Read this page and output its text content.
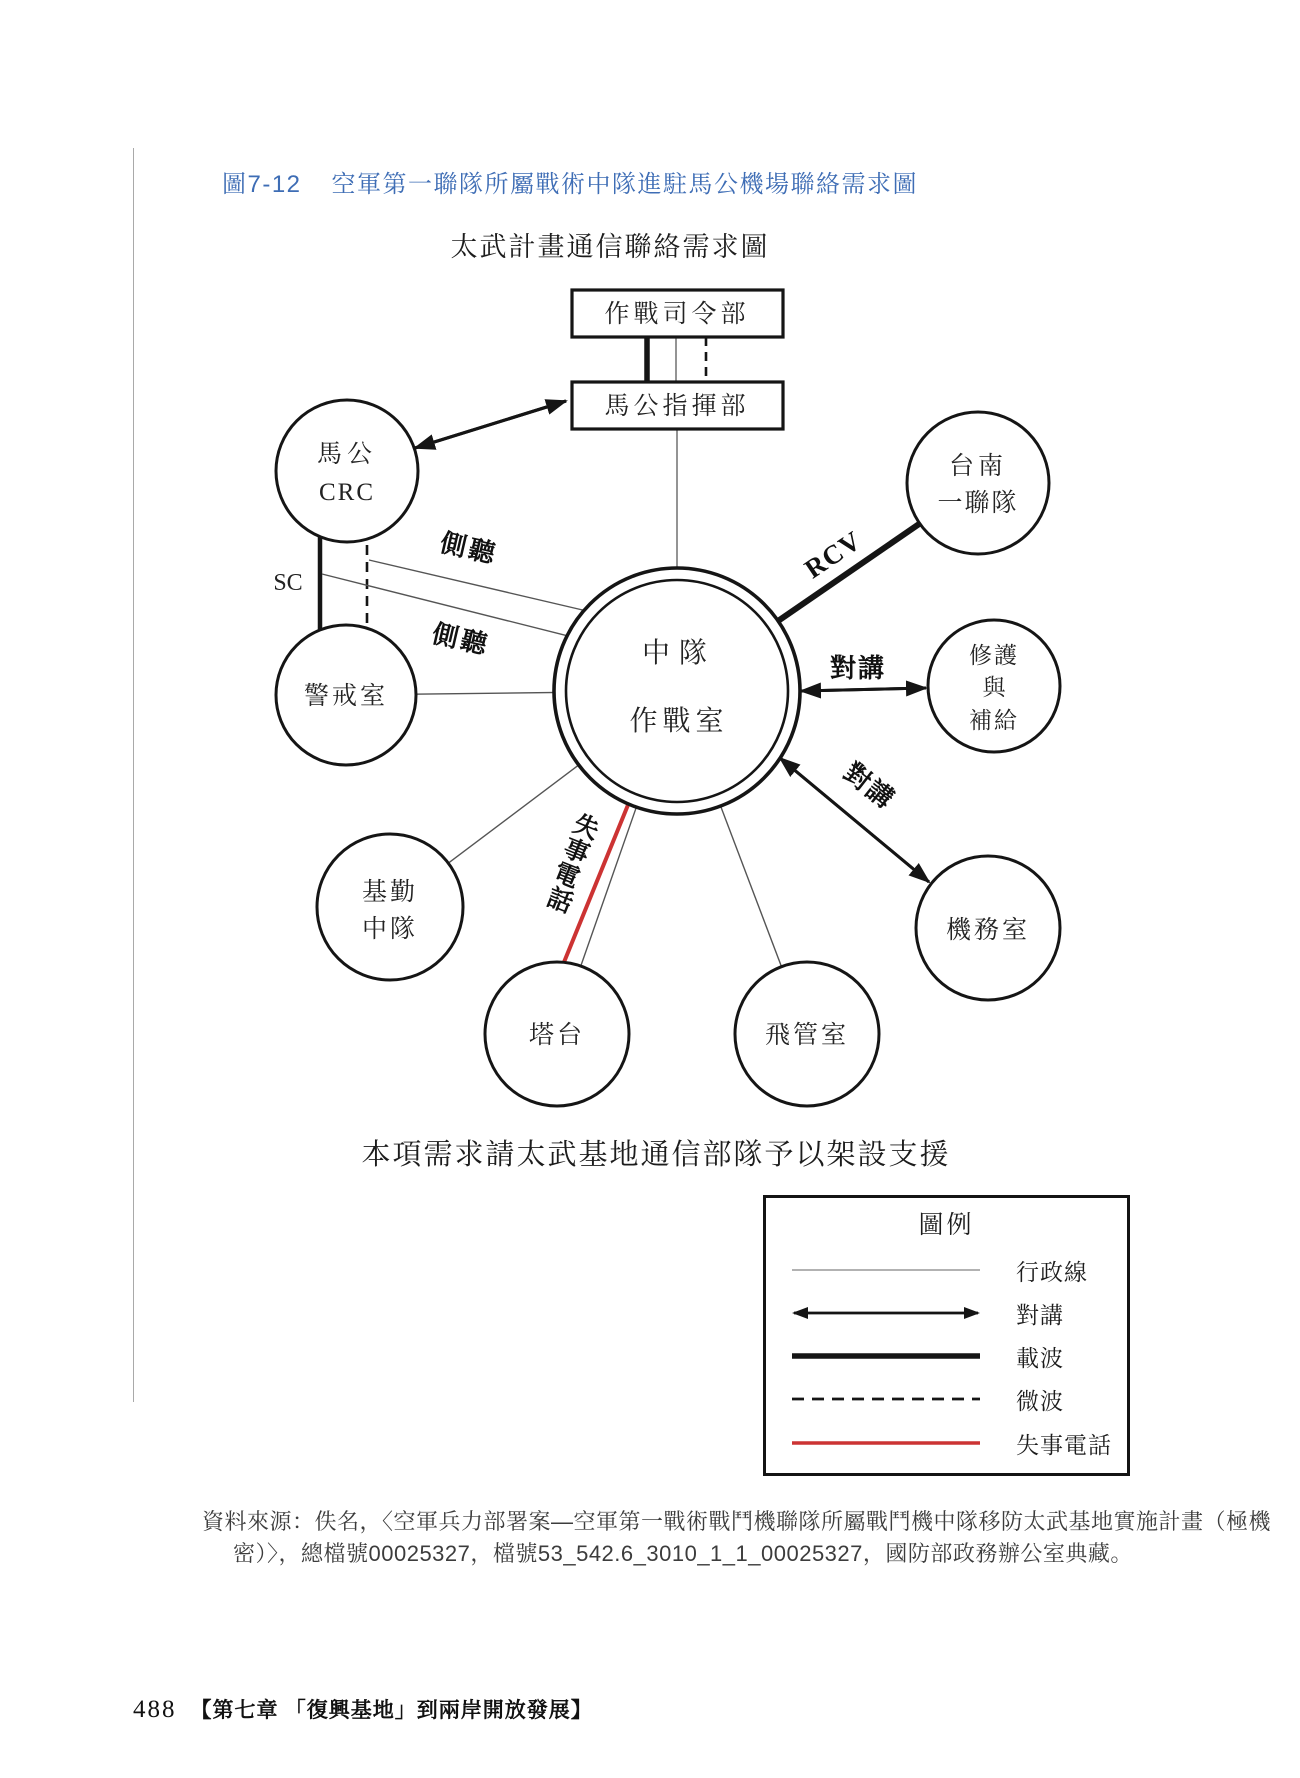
圖7-12 空軍第一聯隊所屬戰術中隊進駐馬公機場聯絡需求圖
太武計畫通信聯絡需求圖
作戰司令部
馬公指揮部
馬公
CRC
台南
一聯隊
警戒室
中隊
作戰室
修護
與
補給
基勤
中隊	機務室
塔台	飛管室
SC
側聽
側聽
RCV
對講
對講
失 事 電 話
本項需求請太武基地通信部隊予以架設支援
圖例
行政線
對講
載波
微波
失事電話
資料來源：佚名，〈空軍兵力部署案—空軍第一戰術戰鬥機聯隊所屬戰鬥機中隊移防太武基地實施計畫（極機
密）〉，總檔號00025327，檔號53_542.6_3010_1_1_00025327，國防部政務辦公室典藏。
488 【第七章 「復興基地」到兩岸開放發展】
